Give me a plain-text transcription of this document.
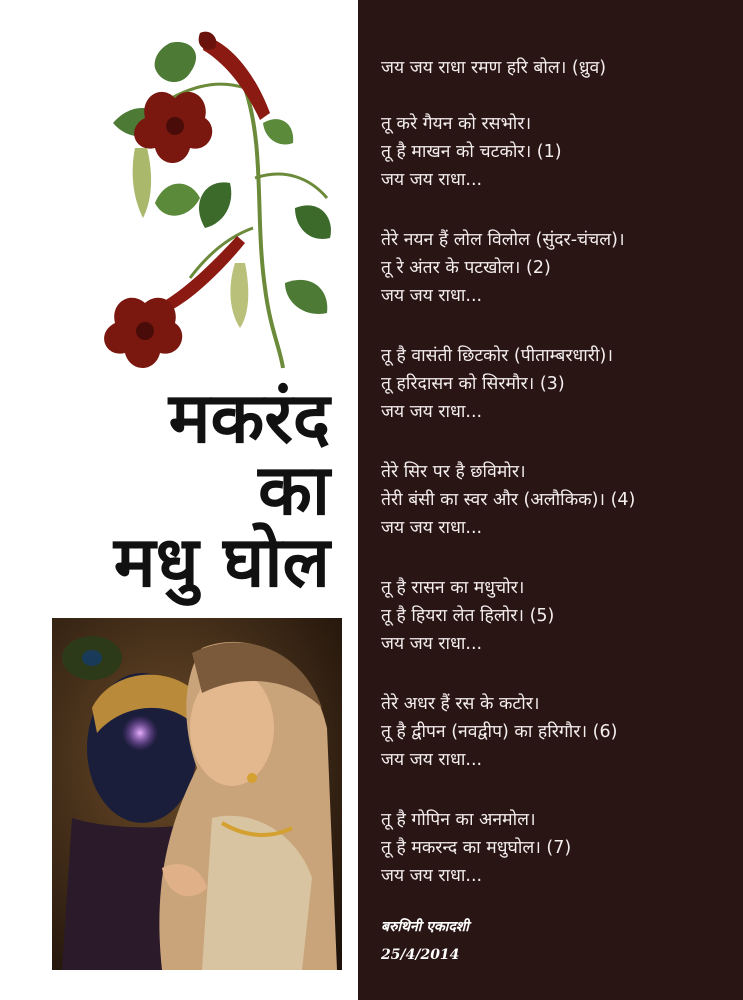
मकरंद
का
मधु घोल
जय जय राधा रमण हरि बोल। (ध्रुव)
तू करे गैयन को रसभोर।
तू है माखन को चटकोर। (1)
जय जय राधा...
तेरे नयन हैं लोल विलोल (सुंदर-चंचल)।
तू रे अंतर के पटखोल। (2)
जय जय राधा...
तू है वासंती छिटकोर (पीताम्बरधारी)।
तू हरिदासन को सिरमौर। (3)
जय जय राधा...
तेरे सिर पर है छविमोर।
तेरी बंसी का स्वर और (अलौकिक)। (4)
जय जय राधा...
तू है रासन का मधुचोर।
तू है हियरा लेत हिलोर। (5)
जय जय राधा...
तेरे अधर हैं रस के कटोर।
तू है द्वीपन (नवद्वीप) का हरिगौर। (6)
जय जय राधा...
तू है गोपिन का अनमोल।
तू है मकरन्द का मधुघोल। (7)
जय जय राधा...
बरुथिनी एकादशी
25/4/2014
